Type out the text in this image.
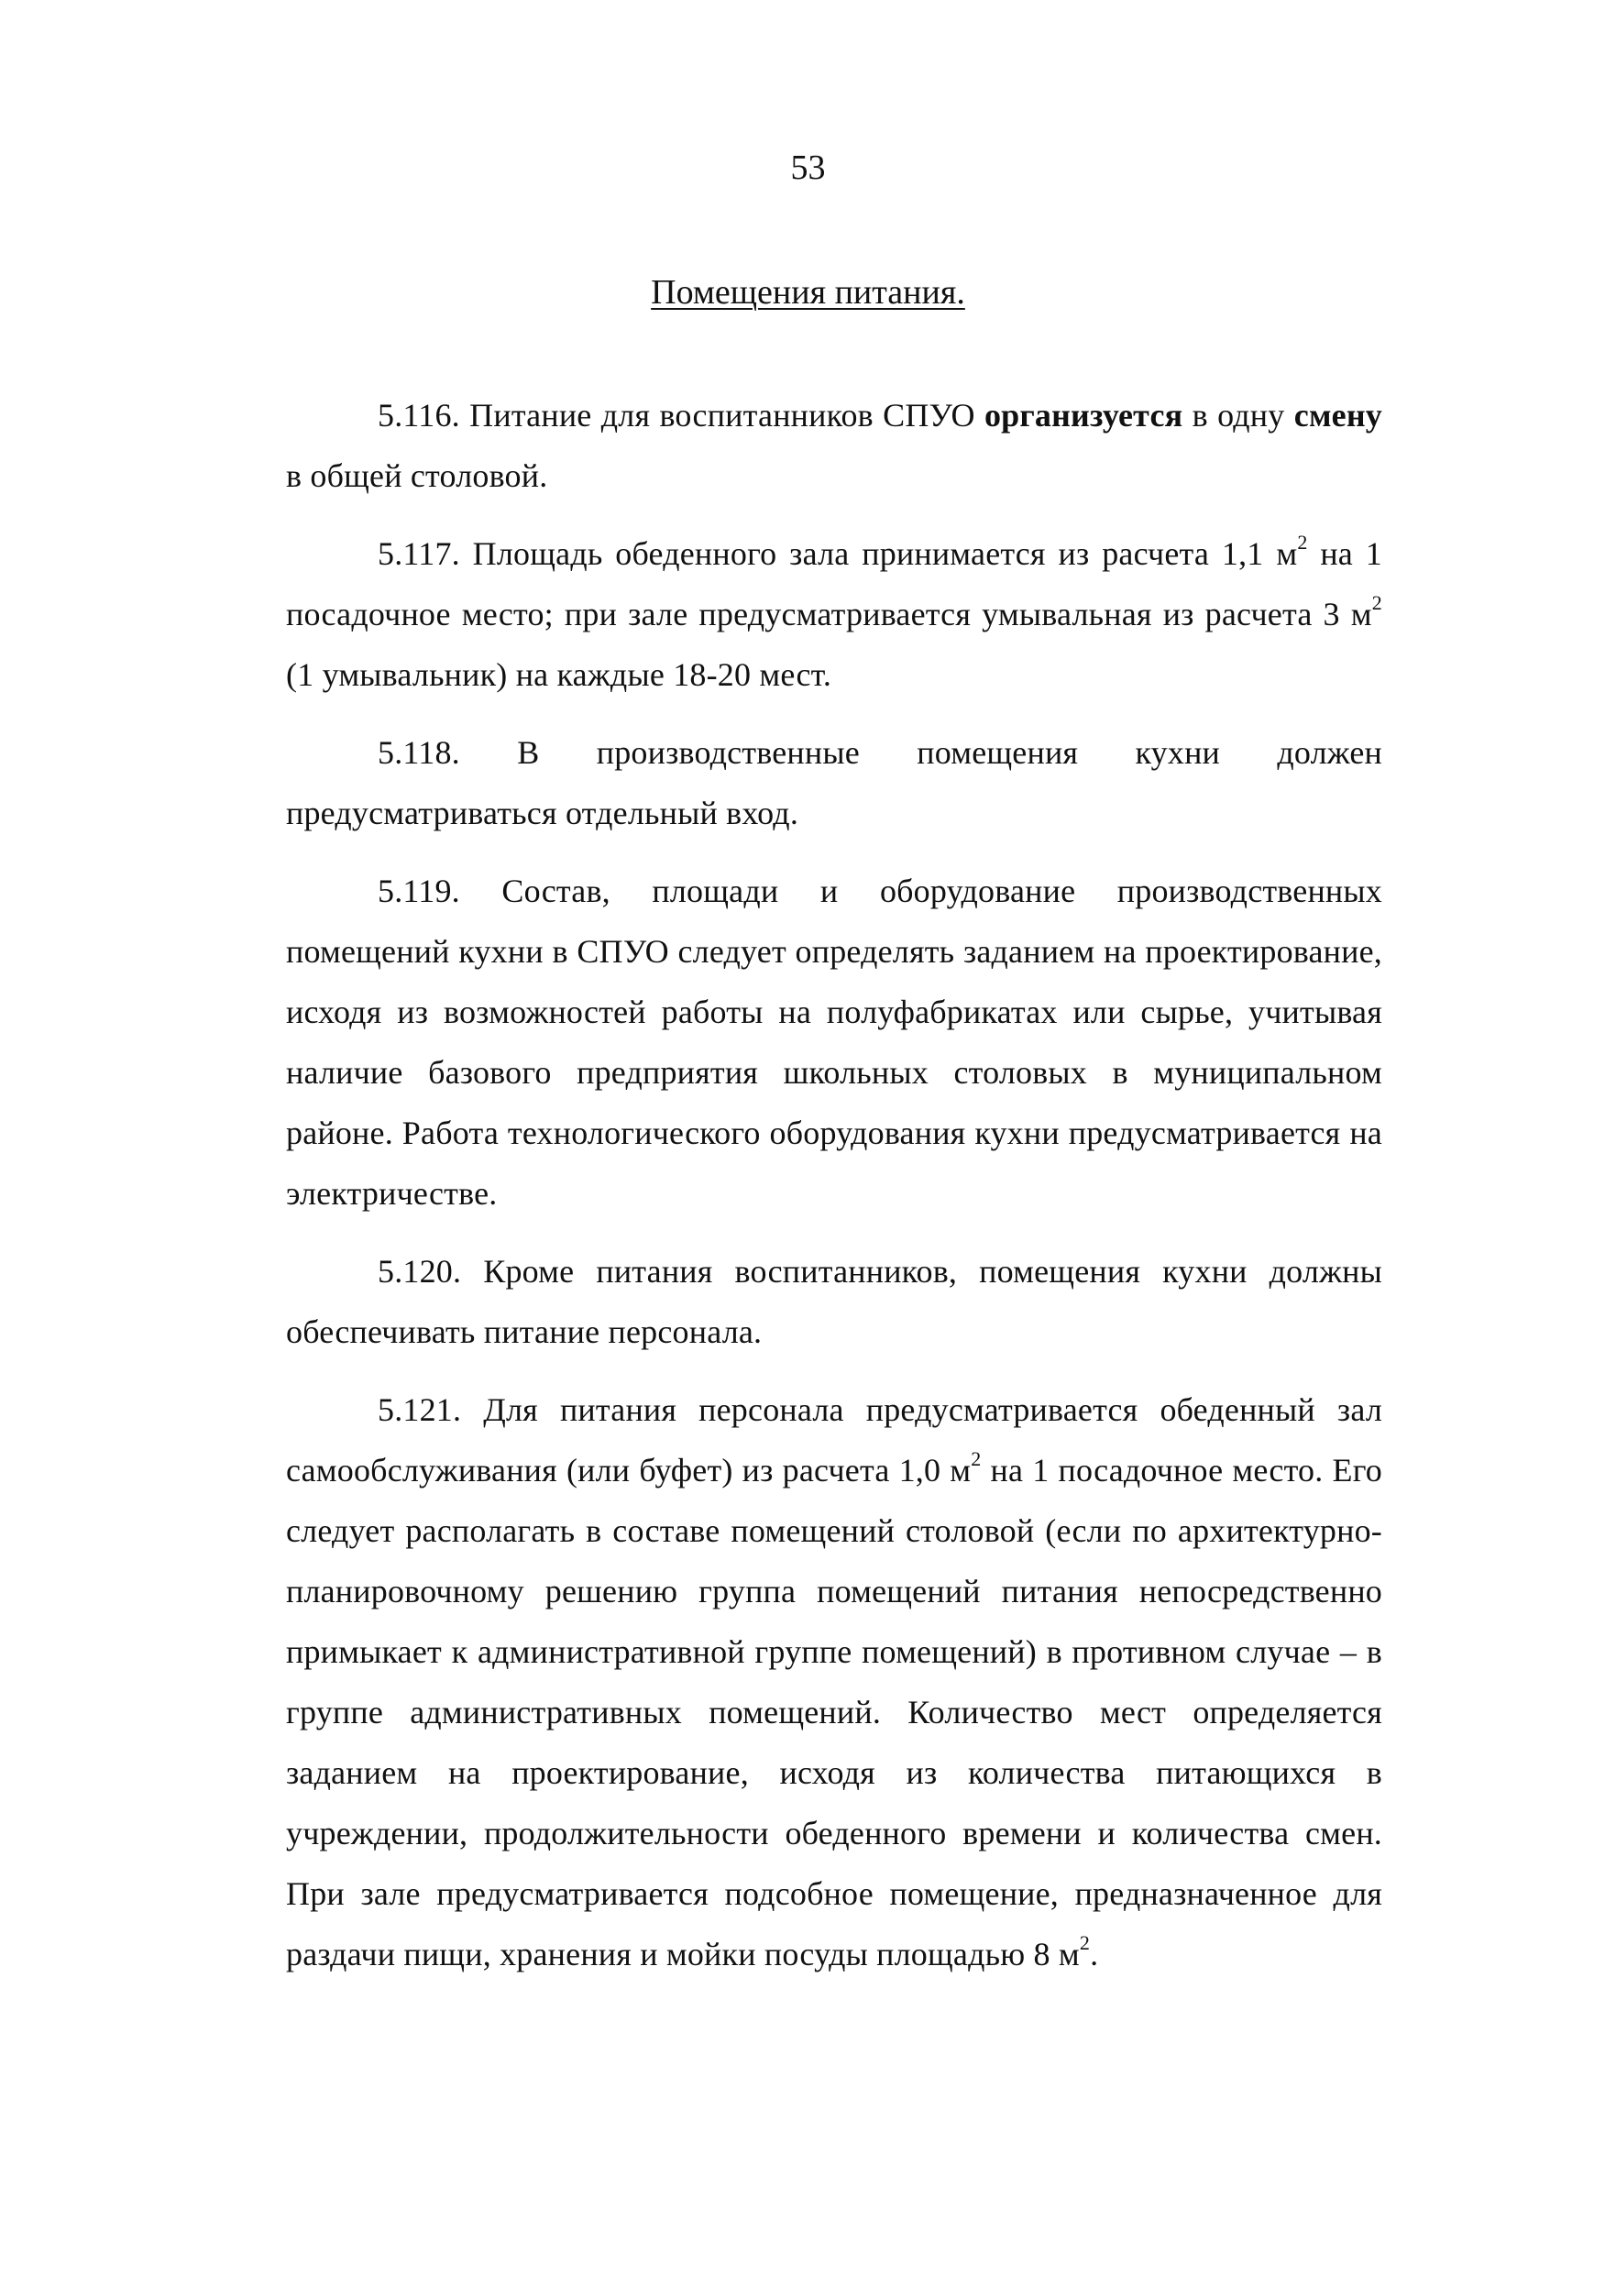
53
Помещения питания.

5.116. Питание для воспитанников СПУО организуется в одну смену в общей столовой.

5.117. Площадь обеденного зала принимается из расчета 1,1 $м^2$ на 1 посадочное место; при зале предусматривается умывальная из расчета 3 $м^2$ (1 умывальник) на каждые 18-20 мест.

5.118. В производственные помещения кухни должен предусматриваться отдельный вход.

5.119. Состав, площади и оборудование производственных помещений кухни в СПУО следует определять заданием на проектирование, исходя из возможностей работы на полуфабрикатах или сырье, учитывая наличие базового предприятия школьных столовых в муниципальном районе. Работа технологического оборудования кухни предусматривается на электричестве.

5.120. Кроме питания воспитанников, помещения кухни должны обеспечивать питание персонала.

5.121. Для питания персонала предусматривается обеденный зал самообслуживания (или буфет) из расчета 1,0 $м^2$ на 1 посадочное место. Его следует располагать в составе помещений столовой (если по архитектурно-планировочному решению группа помещений питания непосредственно примыкает к административной группе помещений) в противном случае – в группе административных помещений. Количество мест определяется заданием на проектирование, исходя из количества питающихся в учреждении, продолжительности обеденного времени и количества смен. При зале предусматривается подсобное помещение, предназначенное для раздачи пищи, хранения и мойки посуды площадью 8 $м^2$.
